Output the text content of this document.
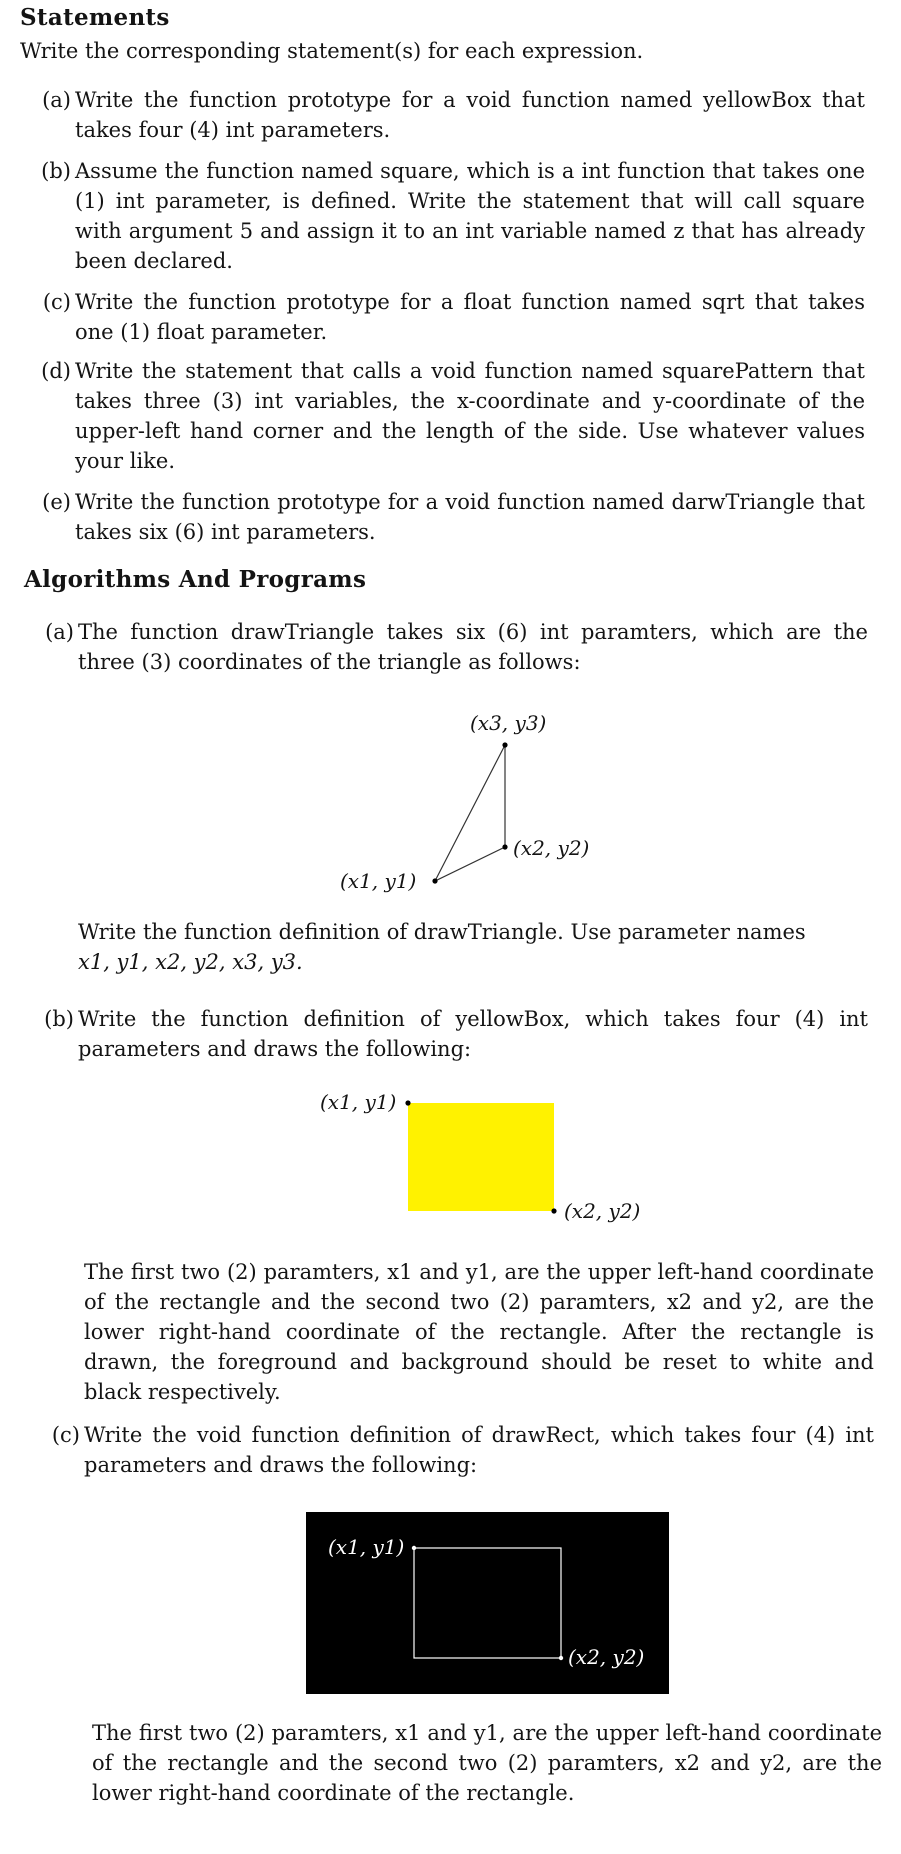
Statements

Write the corresponding statement(s) for each expression.

(a) Write the function prototype for a void function named yellowBox that takes four (4) int parameters.
(b) Assume the function named square, which is a int function that takes one (1) int parameter, is defined. Write the statement that will call square with argument 5 and assign it to an int variable named z that has already been declared.
(c) Write the function prototype for a float function named sqrt that takes one (1) float parameter.
(d) Write the statement that calls a void function named squarePattern that takes three (3) int variables, the x-coordinate and y-coordinate of the upper-left hand corner and the length of the side. Use whatever values your like.
(e) Write the function prototype for a void function named darwTriangle that takes six (6) int parameters.
Algorithms And Programs
(a) The function drawTriangle takes six (6) int paramters, which are the three (3) coordinates of the triangle as follows:
(x3, y3)
(x2, y2)
(x1, y1)

Write the function definition of drawTriangle. Use parameter names
x1, y1, x2, y2, x3, y3.

(b) Write the function definition of yellowBox, which takes four (4) int parameters and draws the following:
(x1, y1)
(x2, y2)

The first two (2) paramters, x1 and y1, are the upper left-hand coordinate of the rectangle and the second two (2) paramters, x2 and y2, are the lower right-hand coordinate of the rectangle. After the rectangle is drawn, the foreground and background should be reset to white and black respectively.

(c) Write the void function definition of drawRect, which takes four (4) int parameters and draws the following:
(x1, y1)
(x2, y2)

The first two (2) paramters, x1 and y1, are the upper left-hand coordinate of the rectangle and the second two (2) paramters, x2 and y2, are the lower right-hand coordinate of the rectangle.
